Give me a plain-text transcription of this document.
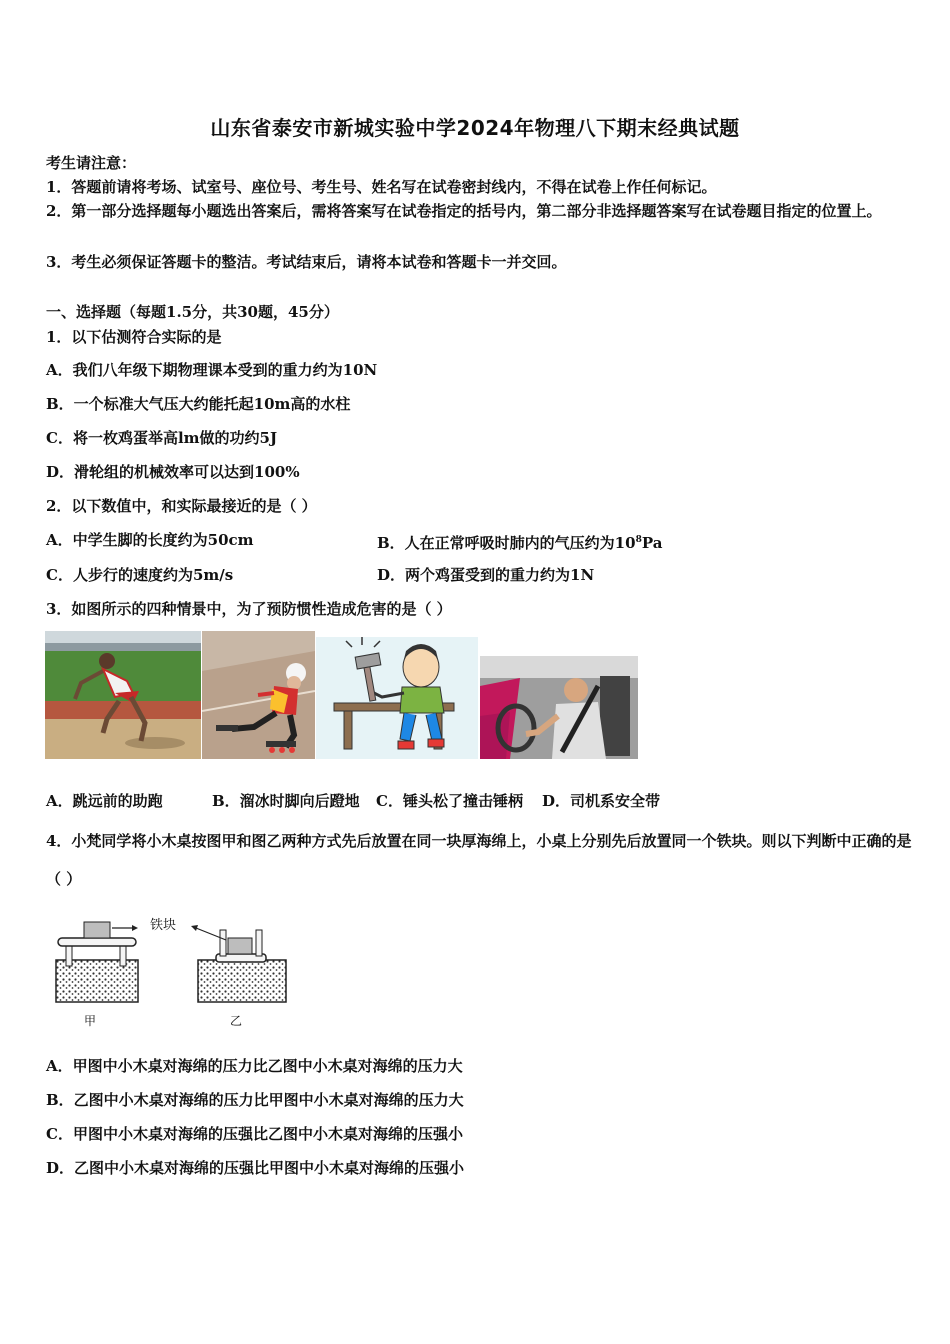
山东省泰安市新城实验中学2024年物理八下期末经典试题
考生请注意：
1．答题前请将考场、试室号、座位号、考生号、姓名写在试卷密封线内，不得在试卷上作任何标记。
2．第一部分选择题每小题选出答案后，需将答案写在试卷指定的括号内，第二部分非选择题答案写在试卷题目指定的位置上。
3．考生必须保证答题卡的整洁。考试结束后，请将本试卷和答题卡一并交回。
一、选择题（每题1.5分，共30题，45分）
1．以下估测符合实际的是
A．我们八年级下期物理课本受到的重力约为10N
B．一个标准大气压大约能托起10m高的水柱
C．将一枚鸡蛋举高lm做的功约5J
D．滑轮组的机械效率可以达到100%
2．以下数值中，和实际最接近的是（ ）
A．中学生脚的长度约为50cm	B．人在正常呼吸时肺内的气压约为$10^8Pa$
C．人步行的速度约为5m/s	D．两个鸡蛋受到的重力约为1N
3．如图所示的四种情景中，为了预防惯性造成危害的是（ ）
A．跳远前的助跑	B．溜冰时脚向后蹬地 C．锤头松了撞击锤柄 D．司机系安全带
4．小梵同学将小木桌按图甲和图乙两种方式先后放置在同一块厚海绵上，小桌上分别先后放置同一个铁块。则以下判断中正确的是（ ）
铁块
甲	乙
A．甲图中小木桌对海绵的压力比乙图中小木桌对海绵的压力大
B．乙图中小木桌对海绵的压力比甲图中小木桌对海绵的压力大
C．甲图中小木桌对海绵的压强比乙图中小木桌对海绵的压强小
D．乙图中小木桌对海绵的压强比甲图中小木桌对海绵的压强小
